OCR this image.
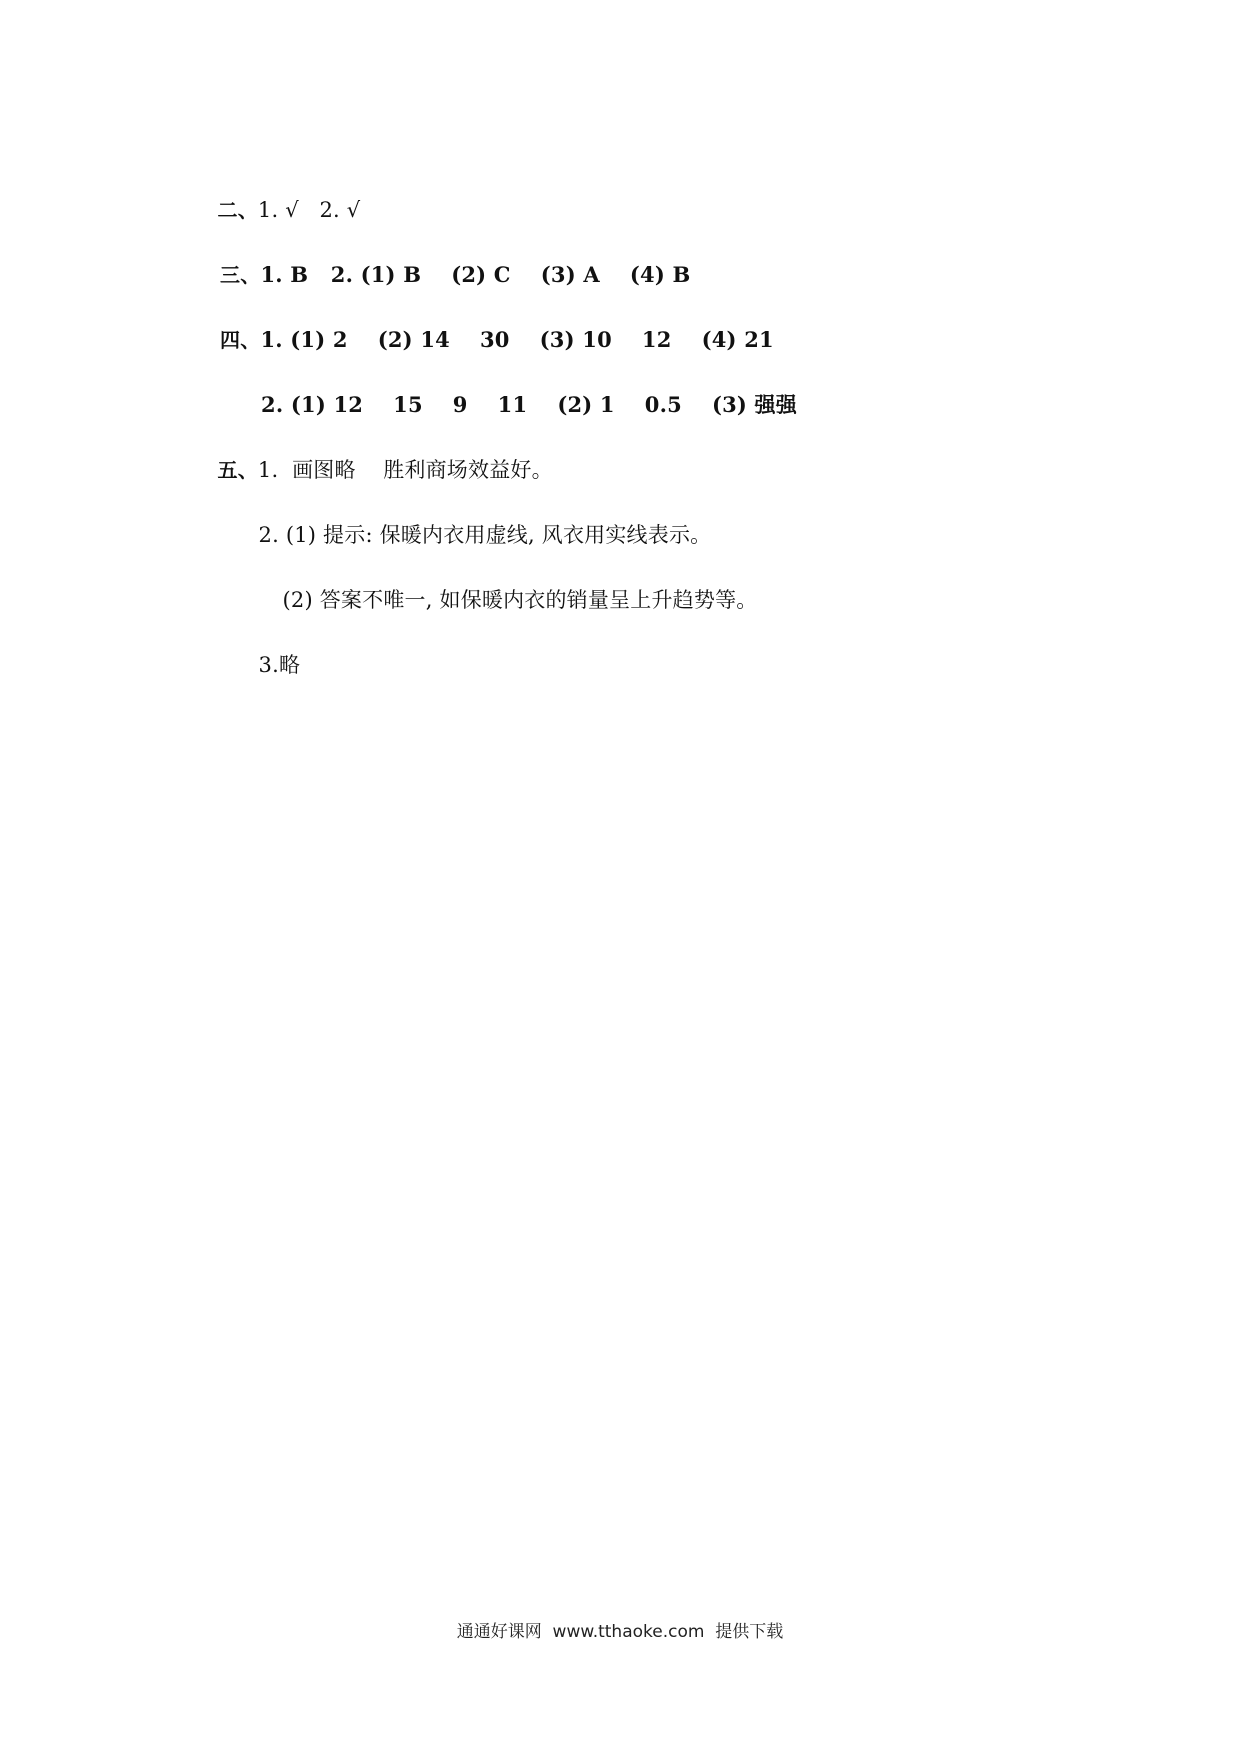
二、1. √   2. √

三、1. B   2. (1) B    (2) C    (3) A    (4) B

四、1. (1) 2    (2) 14    30    (3) 10    12    (4) 21

2. (1) 12    15    9    11    (2) 1    0.5    (3) 强强

五、1.  画图略    胜利商场效益好。

2. (1) 提示: 保暖内衣用虚线, 风衣用实线表示。

(2) 答案不唯一, 如保暖内衣的销量呈上升趋势等。

3.略

通通好课网  www.tthaoke.com  提供下载
